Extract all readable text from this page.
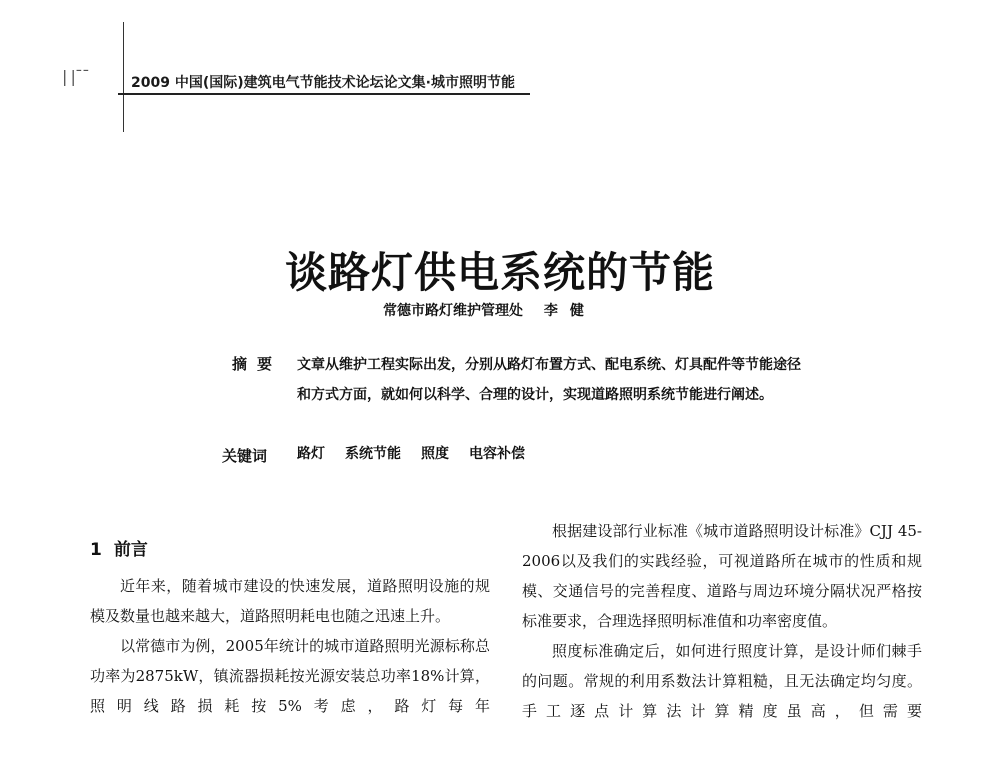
| |¯¯	2009 中国(国际)建筑电气节能技术论坛论文集·城市照明节能
谈路灯供电系统的节能
常德市路灯维护管理处 李健
摘要 文章从维护工程实际出发，分别从路灯布置方式、配电系统、灯具配件等节能途径和方式方面，就如何以科学、合理的设计，实现道路照明系统节能进行阐述。
关键词 路灯 系统节能 照度 电容补偿
1 前言

近年来，随着城市建设的快速发展，道路照明设施的规模及数量也越来越大，道路照明耗电也随之迅速上升。

以常德市为例，2005年统计的城市道路照明光源标称总功率为2875kW，镇流器损耗按光源安装总功率18%计算，照明线路损耗按5%考虑，路灯每年

根据建设部行业标准《城市道路照明设计标准》CJJ 45-2006以及我们的实践经验，可视道路所在城市的性质和规模、交通信号的完善程度、道路与周边环境分隔状况严格按标准要求，合理选择照明标准值和功率密度值。

照度标准确定后，如何进行照度计算，是设计师们棘手的问题。常规的利用系数法计算粗糙，且无法确定均匀度。手工逐点计算法计算精度虽高，但需要
